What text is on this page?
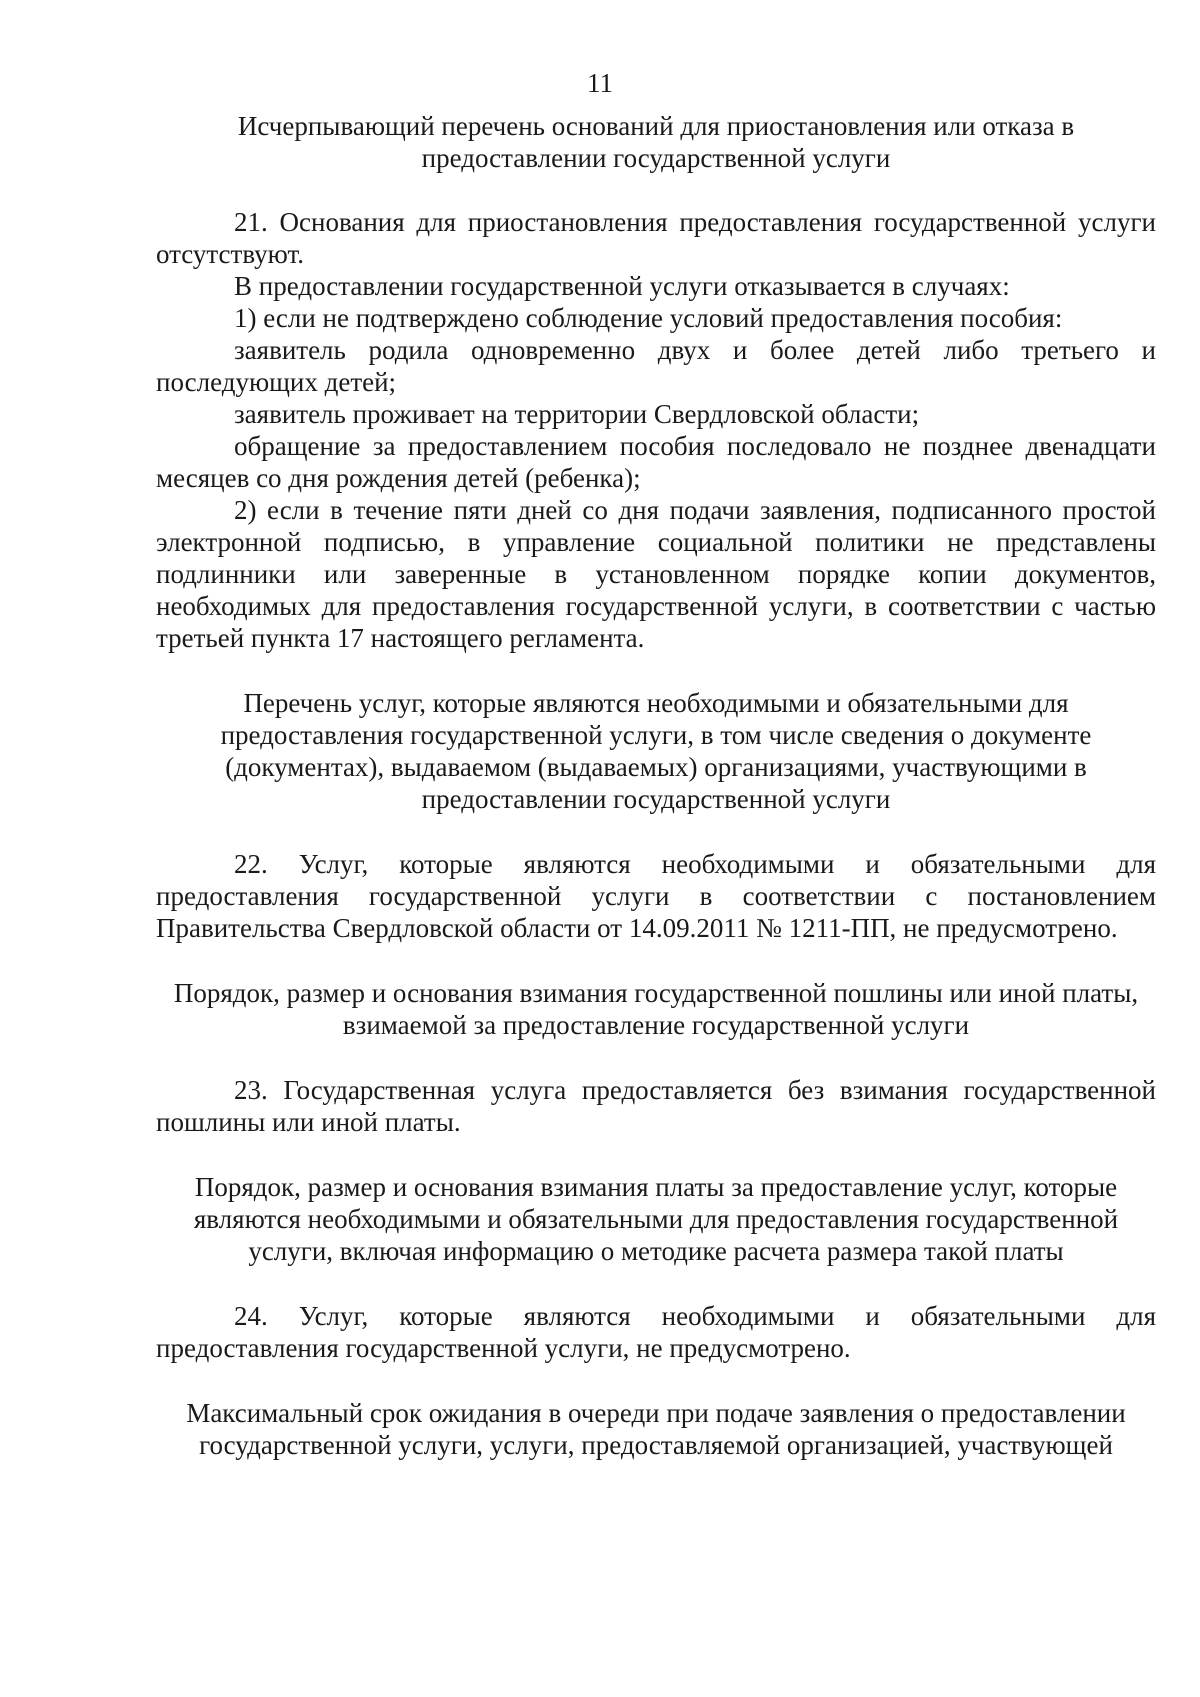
11
Исчерпывающий перечень оснований для приостановления или отказа в предоставлении государственной услуги

21. Основания для приостановления предоставления государственной услуги отсутствуют.

В предоставлении государственной услуги отказывается в случаях:

1) если не подтверждено соблюдение условий предоставления пособия:

заявитель родила одновременно двух и более детей либо третьего и последующих детей;

заявитель проживает на территории Свердловской области;

обращение за предоставлением пособия последовало не позднее двенадцати месяцев со дня рождения детей (ребенка);

2) если в течение пяти дней со дня подачи заявления, подписанного простой электронной подписью, в управление социальной политики не представлены подлинники или заверенные в установленном порядке копии документов, необходимых для предоставления государственной услуги, в соответствии с частью третьей пункта 17 настоящего регламента.

Перечень услуг, которые являются необходимыми и обязательными для предоставления государственной услуги, в том числе сведения о документе (документах), выдаваемом (выдаваемых) организациями, участвующими в предоставлении государственной услуги

22. Услуг, которые являются необходимыми и обязательными для предоставления государственной услуги в соответствии с постановлением Правительства Свердловской области от 14.09.2011 № 1211-ПП, не предусмотрено.

Порядок, размер и основания взимания государственной пошлины или иной платы, взимаемой за предоставление государственной услуги

23. Государственная услуга предоставляется без взимания государственной пошлины или иной платы.

Порядок, размер и основания взимания платы за предоставление услуг, которые являются необходимыми и обязательными для предоставления государственной услуги, включая информацию о методике расчета размера такой платы

24. Услуг, которые являются необходимыми и обязательными для предоставления государственной услуги, не предусмотрено.

Максимальный срок ожидания в очереди при подаче заявления о предоставлении государственной услуги, услуги, предоставляемой организацией, участвующей
